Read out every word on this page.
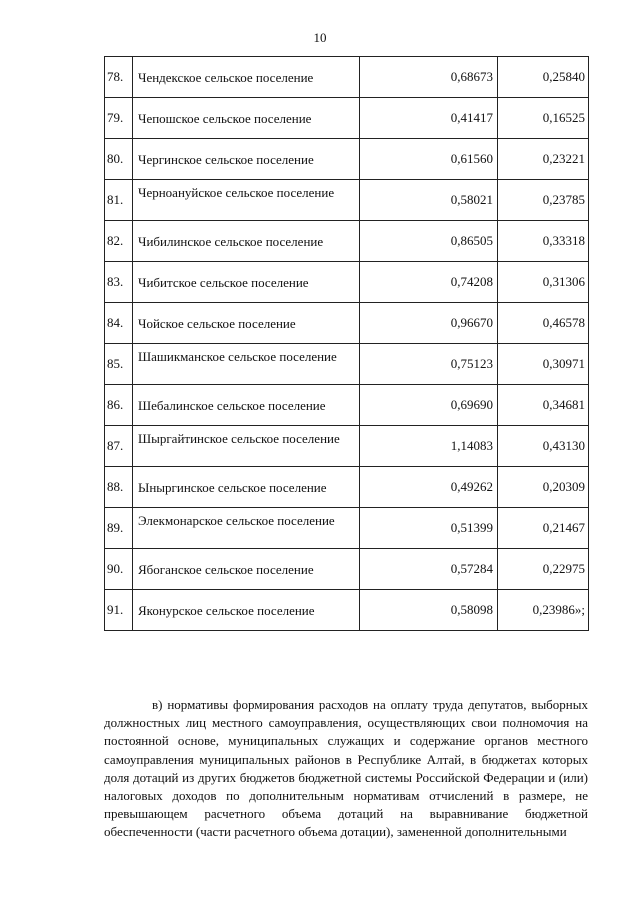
10
78.	Чендекское сельское поселение	0,68673	0,25840
79.	Чепошское сельское поселение	0,41417	0,16525
80.	Чергинское сельское поселение	0,61560	0,23221
81.	Черноануйское сельское поселение	0,58021	0,23785
82.	Чибилинское сельское поселение	0,86505	0,33318
83.	Чибитское сельское поселение	0,74208	0,31306
84.	Чойское сельское поселение	0,96670	0,46578
85.	Шашикманское сельское поселение	0,75123	0,30971
86.	Шебалинское сельское поселение	0,69690	0,34681
87.	Шыргайтинское сельское поселение	1,14083	0,43130
88.	Ыныргинское сельское поселение	0,49262	0,20309
89.	Элекмонарское сельское поселение	0,51399	0,21467
90.	Ябоганское сельское поселение	0,57284	0,22975
91.	Яконурское сельское поселение	0,58098	0,23986»;

в) нормативы формирования расходов на оплату труда депутатов, выборных должностных лиц местного самоуправления, осуществляющих свои полномочия на постоянной основе, муниципальных служащих и содержание органов местного самоуправления муниципальных районов в Республике Алтай, в бюджетах которых доля дотаций из других бюджетов бюджетной системы Российской Федерации и (или) налоговых доходов по дополнительным нормативам отчислений в размере, не превышающем расчетного объема дотаций на выравнивание бюджетной обеспеченности (части расчетного объема дотации), замененной дополнительными
